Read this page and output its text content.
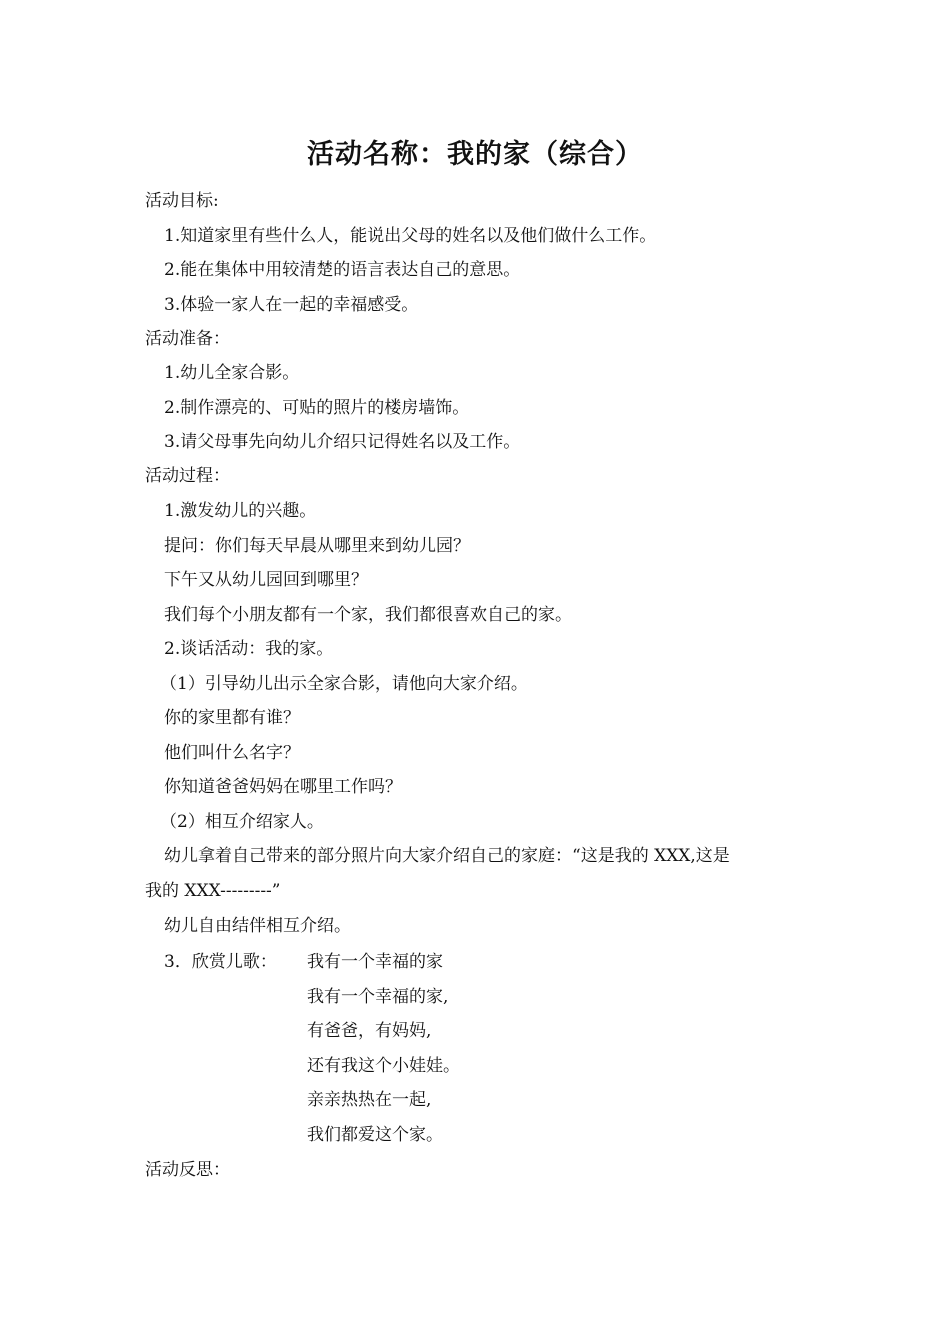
活动名称：我的家（综合）
活动目标:
1.知道家里有些什么人，能说出父母的姓名以及他们做什么工作。
2.能在集体中用较清楚的语言表达自己的意思。
3.体验一家人在一起的幸福感受。
活动准备：
1.幼儿全家合影。
2.制作漂亮的、可贴的照片的楼房墙饰。
3.请父母事先向幼儿介绍只记得姓名以及工作。
活动过程：
1.激发幼儿的兴趣。
提问：你们每天早晨从哪里来到幼儿园？
下午又从幼儿园回到哪里？
我们每个小朋友都有一个家，我们都很喜欢自己的家。
2.谈话活动：我的家。
（1）引导幼儿出示全家合影，请他向大家介绍。
你的家里都有谁？
他们叫什么名字？
你知道爸爸妈妈在哪里工作吗？
（2）相互介绍家人。
幼儿拿着自己带来的部分照片向大家介绍自己的家庭：“这是我的 XXX,这是
我的 XXX---------”
幼儿自由结伴相互介绍。
3．欣赏儿歌： 我有一个幸福的家
我有一个幸福的家,
有爸爸，有妈妈,
还有我这个小娃娃。
亲亲热热在一起,
我们都爱这个家。
活动反思：
